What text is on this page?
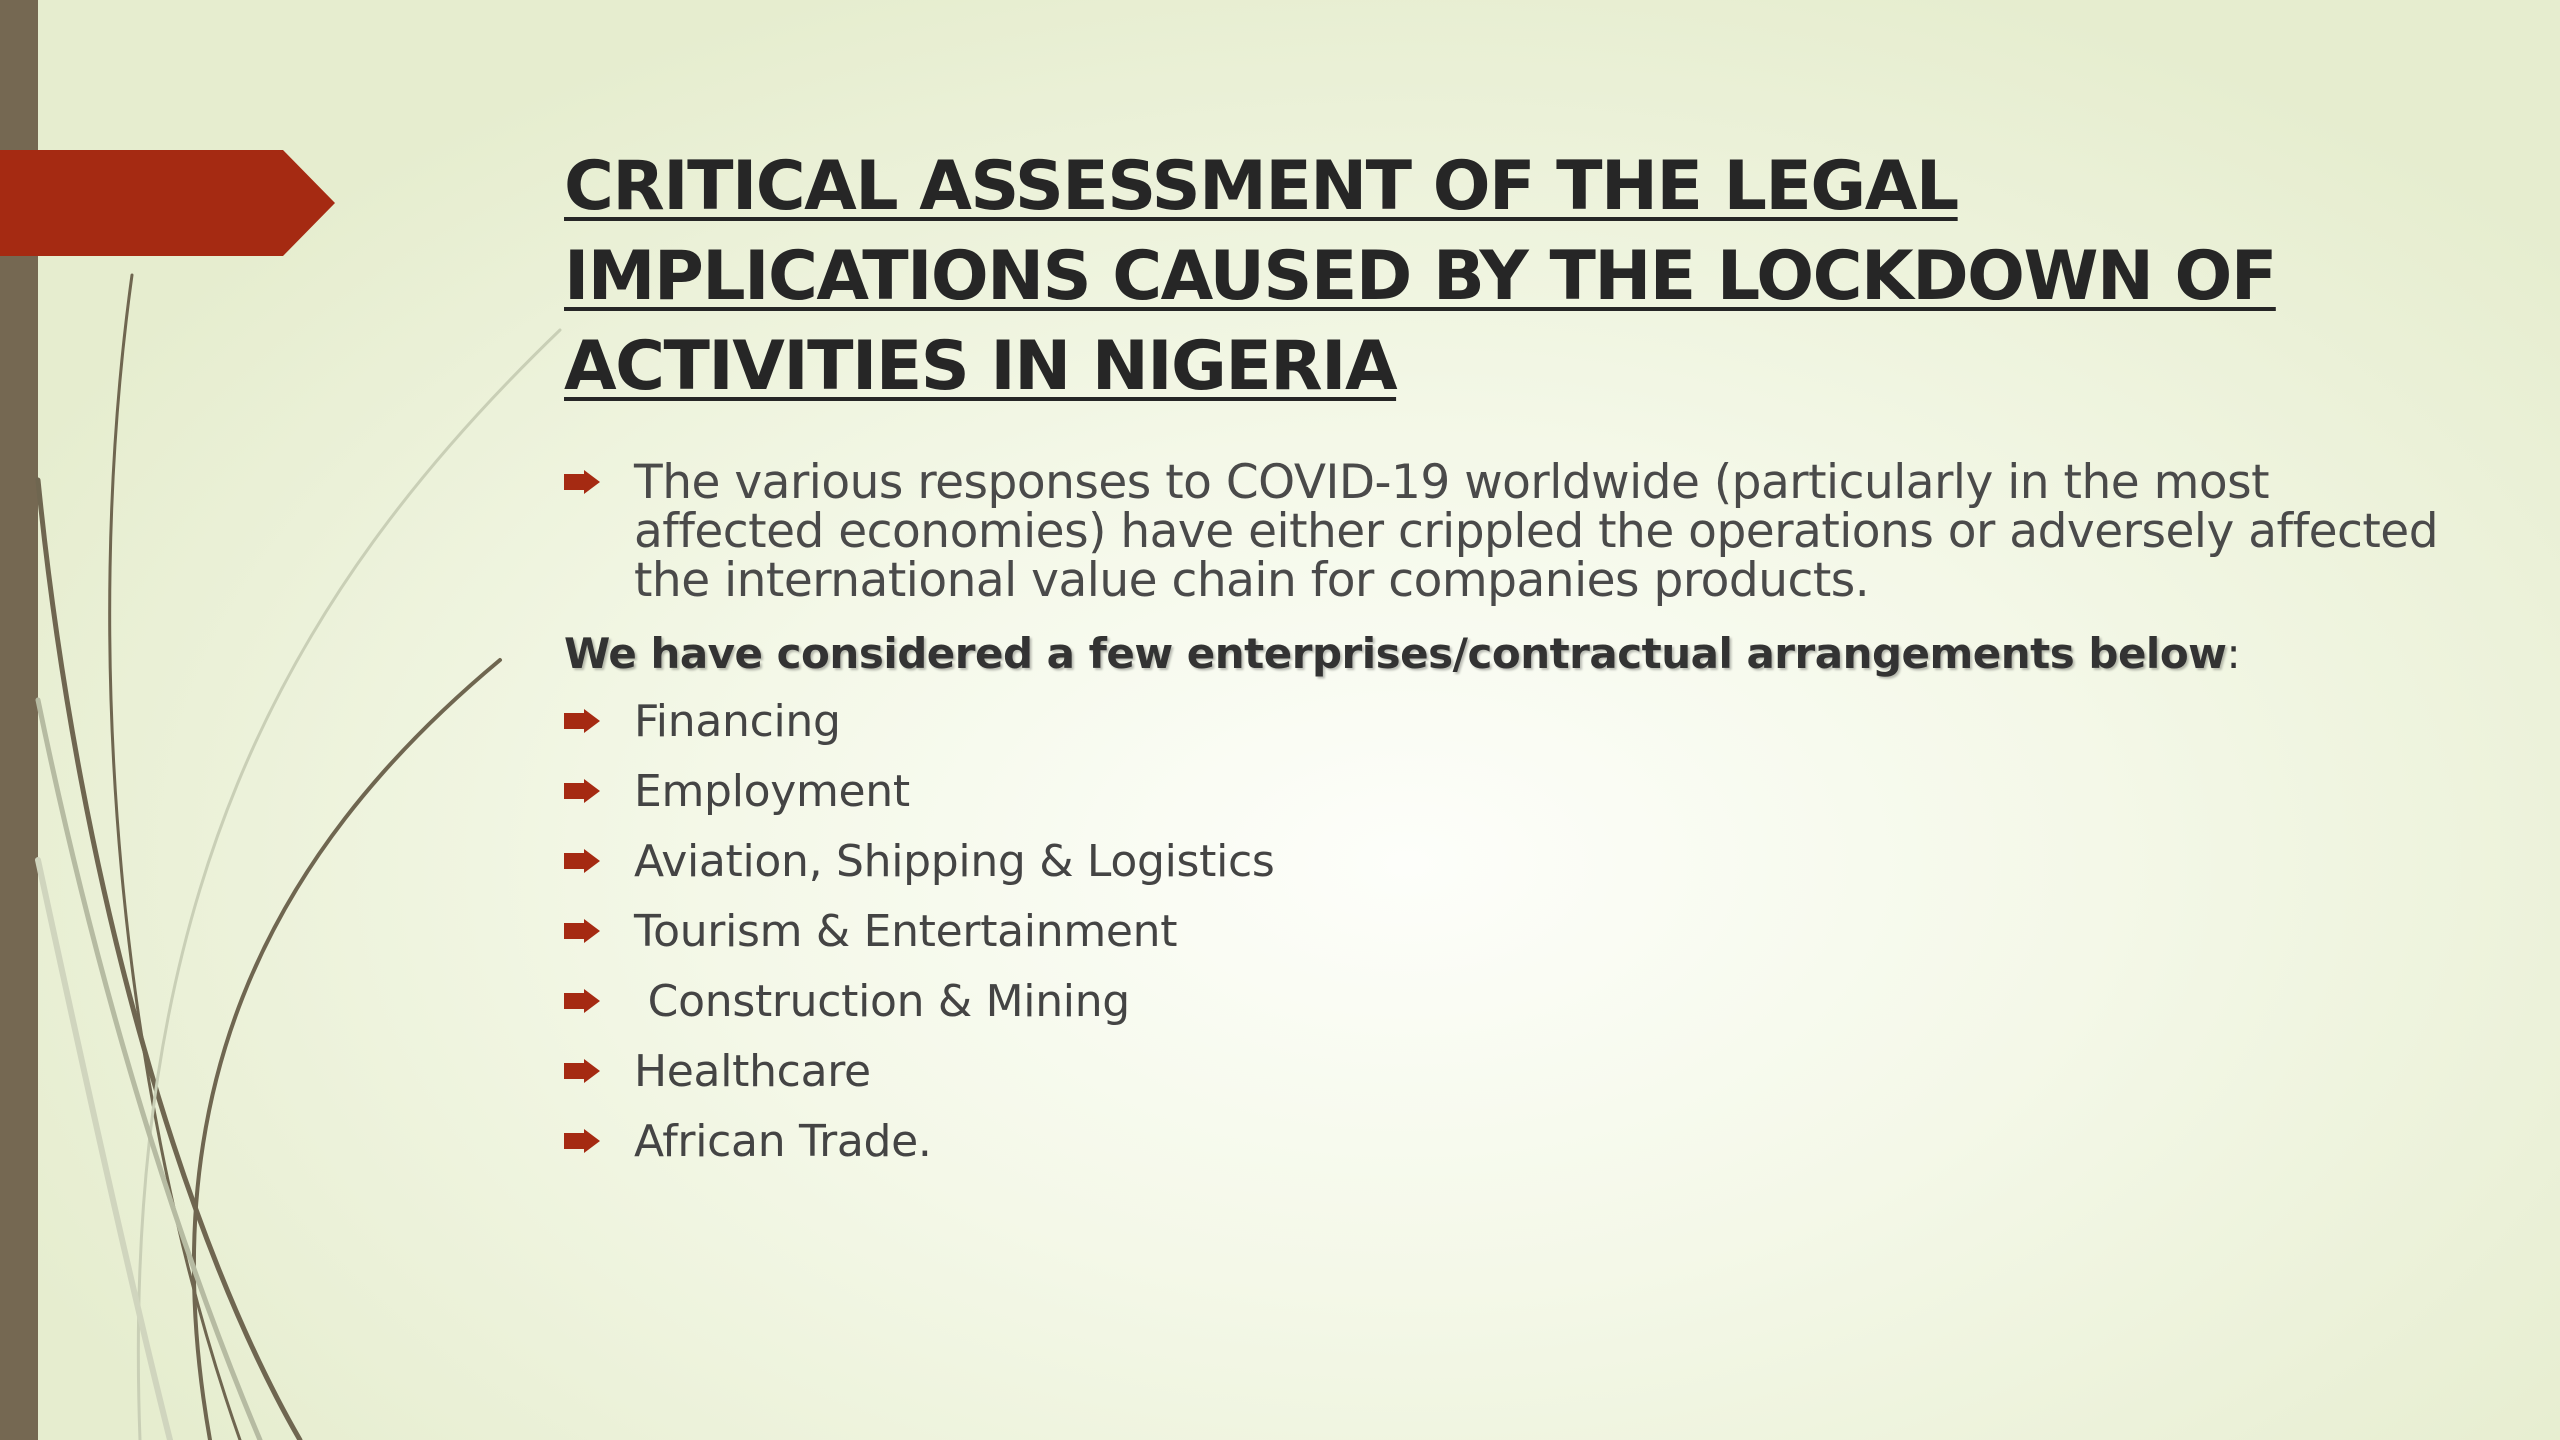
CRITICAL ASSESSMENT OF THE LEGAL IMPLICATIONS CAUSED BY THE LOCKDOWN OF ACTIVITIES IN NIGERIA
The various responses to COVID-19 worldwide (particularly in the most affected economies) have either crippled the operations or adversely affected the international value chain for companies products.
We have considered a few enterprises/contractual arrangements below:
Financing
Employment
Aviation, Shipping & Logistics
Tourism & Entertainment
Construction & Mining
Healthcare
African Trade.
